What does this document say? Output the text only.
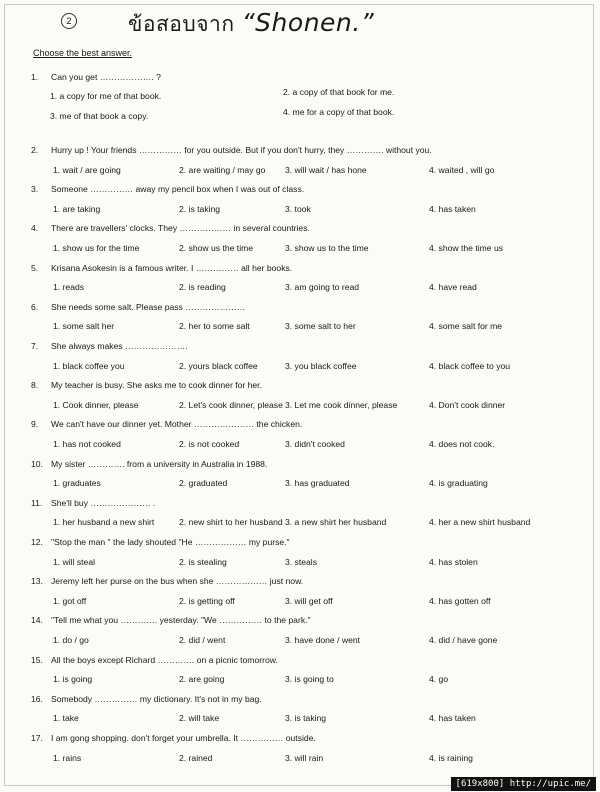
2	ข้อสอบจาก “Shonen.”
Choose the best answer.
1.	Can you get ………………. ?
1. a copy for me of that book.	2. a copy of that book for me.
3. me of that book a copy.	4. me for a copy of that book.
2.	Hurry up ! Your friends …………… for you outside. But if you don't hurry, they …………. without you.
1. wait / are going	2. are waiting / may go 3. will wait / has hone	4. waited , will go
3.	Someone …………… away my pencil box when I was out of class.
1. are taking	2. is taking	3. took	4. has taken
4.	There are travellers' clocks. They ……………… in several countries.
1. show us for the time	2. show us the time	3. show us to the time	4. show the time us
5.	Krisana Asokesin is a famous writer. I …………… all her books.
1. reads	2. is reading	3. am going to read	4. have read
6.	She needs some salt. Please pass …………………
1. some salt her	2. her to some salt	3. some salt to her	4. some salt for me
7.	She always makes ………………….
1. black coffee you	2. yours black coffee	3. you black coffee	4. black coffee to you
8.	My teacher is busy. She asks me to cook dinner for her.
1. Cook dinner, please	2. Let's cook dinner, please 3. Let me cook dinner, please	4. Don't cook dinner
9.	We can't have our dinner yet. Mother ………………… the chicken.
1. has not cooked	2. is not cooked	3. didn't cooked	4. does not cook.
10. My sister …………. from a university in Australia in 1988.
1. graduates	2. graduated	3. has graduated	4. is graduating
11.	She'll buy ………………… .
1. her husband a new shirt	2. new shirt to her husband 3. a new shirt her husband	4. her a new shirt husband
12. "Stop the man " the lady shouted "He ……………… my purse."
1. will steal	2. is stealing	3. steals	4. has stolen
13. Jeremy left her purse on the bus when she ……………… just now.
1. got off	2. is getting off	3. will get off	4. has gotten off
14. "Tell me what you …………. yesterday. "We …………… to the park."
1. do / go	2. did / went	3. have done / went	4. did / have gone
15. All the boys except Richard …………. on a picnic tomorrow.
1. is going	2. are going	3. is going to	4. go
16. Somebody …………… my dictionary. It's not in my bag.
1. take	2. will take	3. is taking	4. has taken
17. I am gong shopping. don't forget your umbrella. It …………… outside.
1. rains	2. rained	3. will rain	4. is raining
[619x800] http://upic.me/
